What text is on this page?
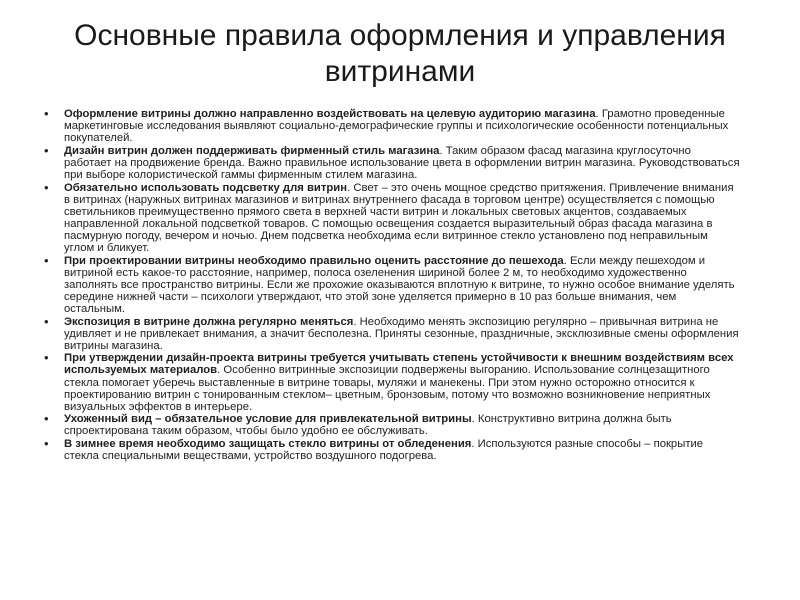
Основные правила оформления и управления
витринами
• Оформление витрины должно направленно воздействовать на целевую аудиторию магазина. Грамотно проведенные маркетинговые исследования выявляют социально-демографические группы и психологические особенности потенциальных покупателей.
• Дизайн витрин должен поддерживать фирменный стиль магазина. Таким образом фасад магазина круглосуточно работает на продвижение бренда. Важно правильное использование цвета в оформлении витрин магазина. Руководствоваться при выборе колористической гаммы фирменным стилем магазина.
• Обязательно использовать подсветку для витрин. Свет – это очень мощное средство притяжения. Привлечение внимания в витринах (наружных витринах магазинов и витринах внутреннего фасада в торговом центре) осуществляется с помощью светильников преимущественно прямого света в верхней части витрин и локальных световых акцентов, создаваемых направленной локальной подсветкой товаров. С помощью освещения создается выразительный образ фасада магазина в пасмурную погоду, вечером и ночью. Днем подсветка необходима если витринное стекло установлено под неправильным углом и бликует.
• При проектировании витрины необходимо правильно оценить расстояние до пешехода. Если между пешеходом и витриной есть какое-то расстояние, например, полоса озеленения шириной более 2 м, то необходимо художественно заполнять все пространство витрины. Если же прохожие оказываются вплотную к витрине, то нужно особое внимание уделять середине нижней части – психологи утверждают, что этой зоне уделяется примерно в 10 раз больше внимания, чем остальным.
• Экспозиция в витрине должна регулярно меняться. Необходимо менять экспозицию регулярно – привычная витрина не удивляет и не привлекает внимания, а значит бесполезна. Приняты сезонные, праздничные, эксклюзивные смены оформления витрины магазина.
• При утверждении дизайн-проекта витрины требуется учитывать степень устойчивости к внешним воздействиям всех используемых материалов. Особенно витринные экспозиции подвержены выгоранию. Использование солнцезащитного стекла помогает уберечь выставленные в витрине товары, муляжи и манекены. При этом нужно осторожно относится к проектированию витрин с тонированным стеклом– цветным, бронзовым, потому что возможно возникновение неприятных визуальных эффектов в интерьере.
• Ухоженный вид – обязательное условие для привлекательной витрины. Конструктивно витрина должна быть спроектирована таким образом, чтобы было удобно ее обслуживать.
• В зимнее время необходимо защищать стекло витрины от обледенения. Используются разные способы – покрытие стекла специальными веществами, устройство воздушного подогрева.
